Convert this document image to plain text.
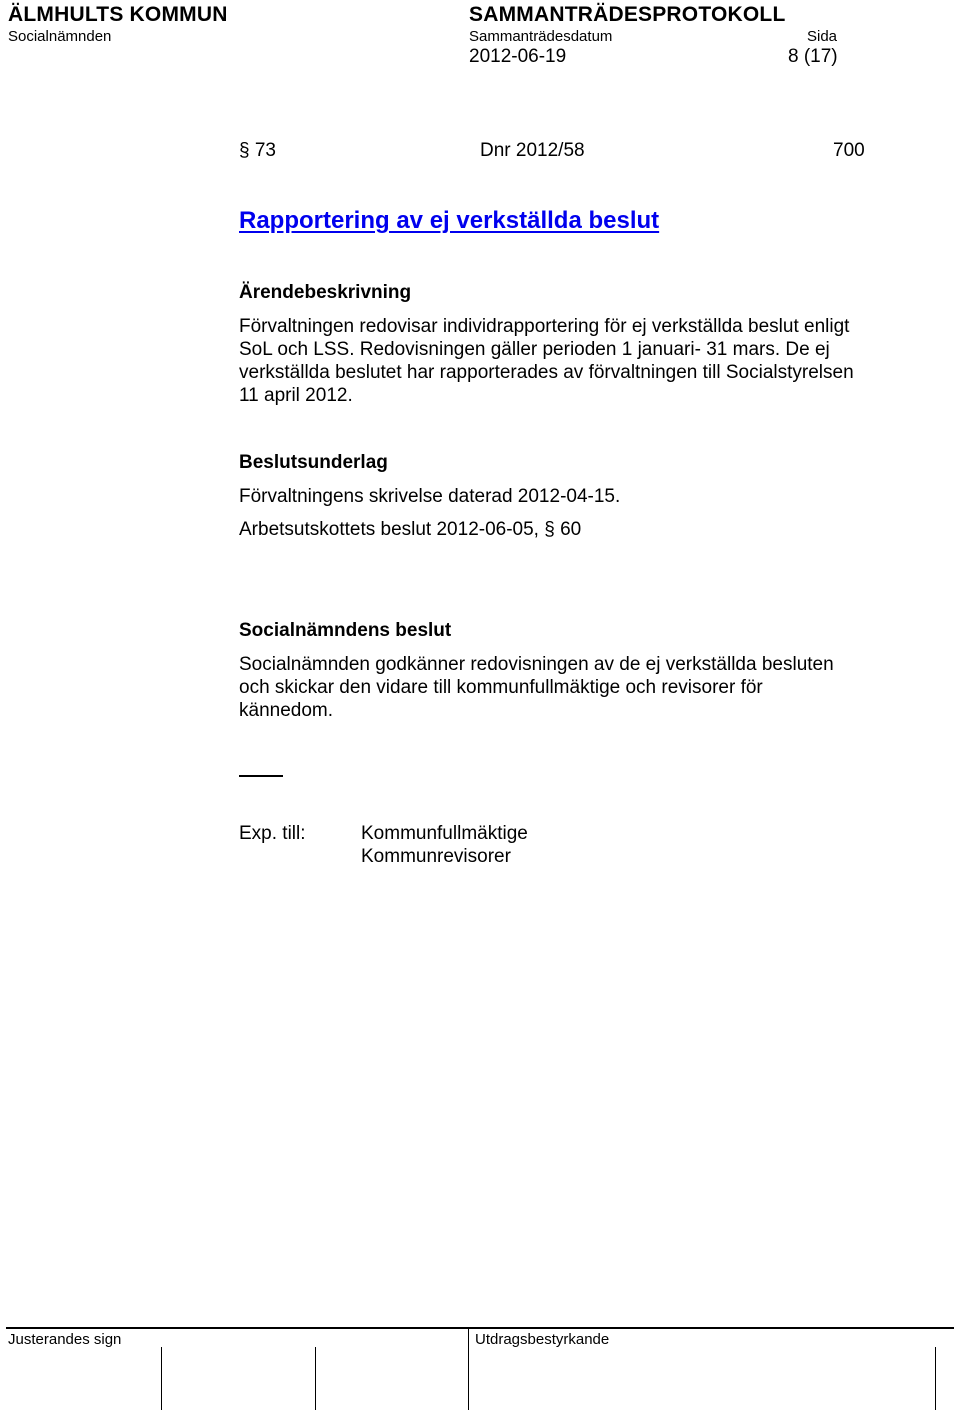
ÄLMHULTS KOMMUN	SAMMANTRÄDESPROTOKOLL
Socialnämnden	Sammanträdesdatum	Sida
2012-06-19	8 (17)
§ 73	Dnr 2012/58	700
Rapportering av ej verkställda beslut
Ärendebeskrivning
Förvaltningen redovisar individrapportering för ej verkställda beslut enligt
SoL och LSS. Redovisningen gäller perioden 1 januari- 31 mars. De ej
verkställda beslutet har rapporterades av förvaltningen till Socialstyrelsen
11 april 2012.
Beslutsunderlag
Förvaltningens skrivelse daterad 2012-04-15.
Arbetsutskottets beslut 2012-06-05, § 60
Socialnämndens beslut
Socialnämnden godkänner redovisningen av de ej verkställda besluten
och skickar den vidare till kommunfullmäktige och revisorer för
kännedom.
Exp. till:	Kommunfullmäktige
Kommunrevisorer
Justerandes sign	Utdragsbestyrkande
